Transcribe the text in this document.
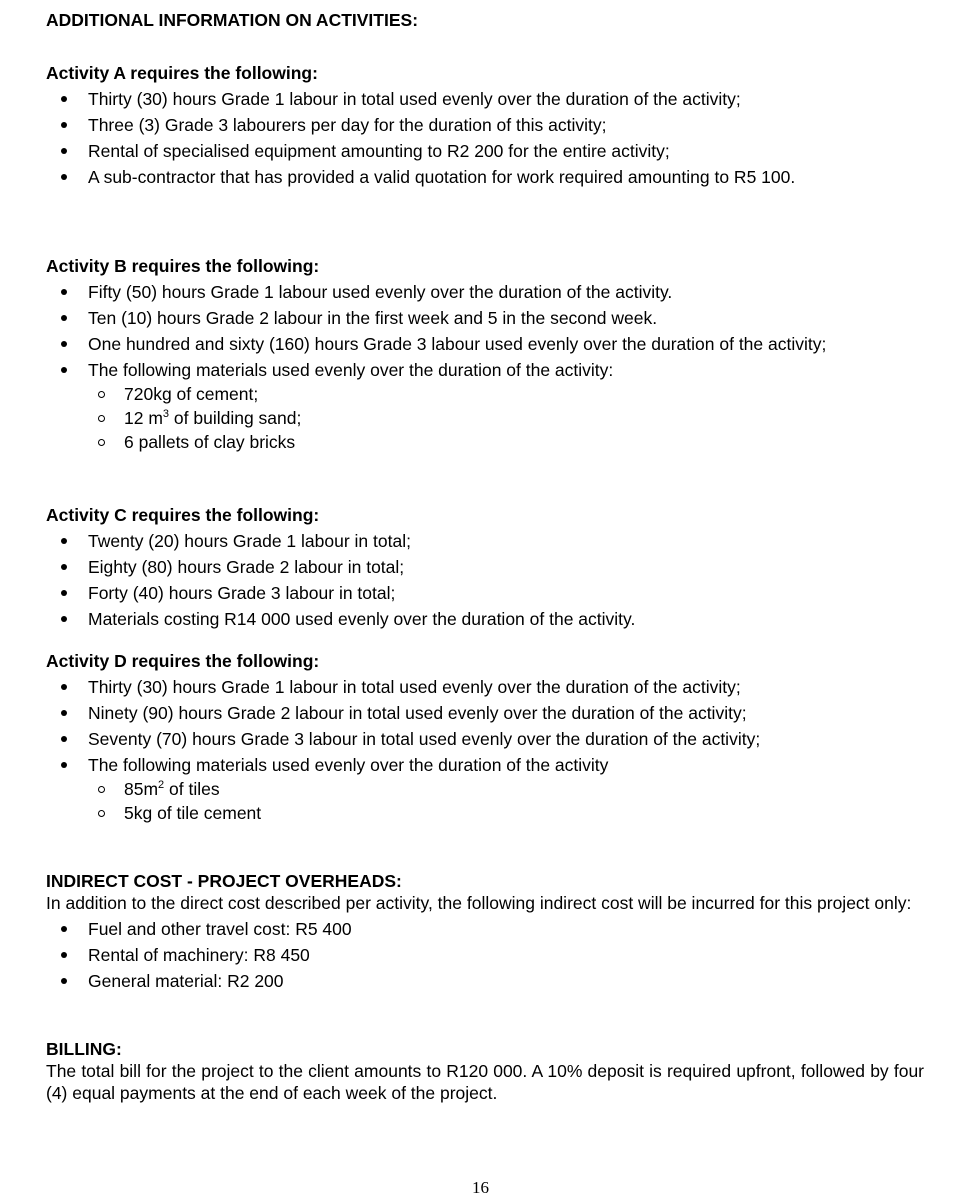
ADDITIONAL INFORMATION ON ACTIVITIES:
Activity A requires the following:
Thirty (30) hours Grade 1 labour in total used evenly over the duration of the activity;
Three (3) Grade 3 labourers per day for the duration of this activity;
Rental of specialised equipment amounting to R2 200 for the entire activity;
A sub-contractor that has provided a valid quotation for work required amounting to R5 100.
Activity B requires the following:
Fifty (50) hours Grade 1 labour used evenly over the duration of the activity.
Ten (10) hours Grade 2 labour in the first week and 5 in the second week.
One hundred and sixty (160) hours Grade 3 labour used evenly over the duration of the activity;
The following materials used evenly over the duration of the activity:
720kg of cement;
12 $m^3$ of building sand;
6 pallets of clay bricks
Activity C requires the following:
Twenty (20) hours Grade 1 labour in total;
Eighty (80) hours Grade 2 labour in total;
Forty (40) hours Grade 3 labour in total;
Materials costing R14 000 used evenly over the duration of the activity.
Activity D requires the following:
Thirty (30) hours Grade 1 labour in total used evenly over the duration of the activity;
Ninety (90) hours Grade 2 labour in total used evenly over the duration of the activity;
Seventy (70) hours Grade 3 labour in total used evenly over the duration of the activity;
The following materials used evenly over the duration of the activity
$85m^2$ of tiles
5kg of tile cement
INDIRECT COST - PROJECT OVERHEADS:
In addition to the direct cost described per activity, the following indirect cost will be incurred for this project only:
Fuel and other travel cost: R5 400
Rental of machinery: R8 450
General material: R2 200
BILLING:
The total bill for the project to the client amounts to R120 000. A 10% deposit is required upfront, followed by four (4) equal payments at the end of each week of the project.
16
